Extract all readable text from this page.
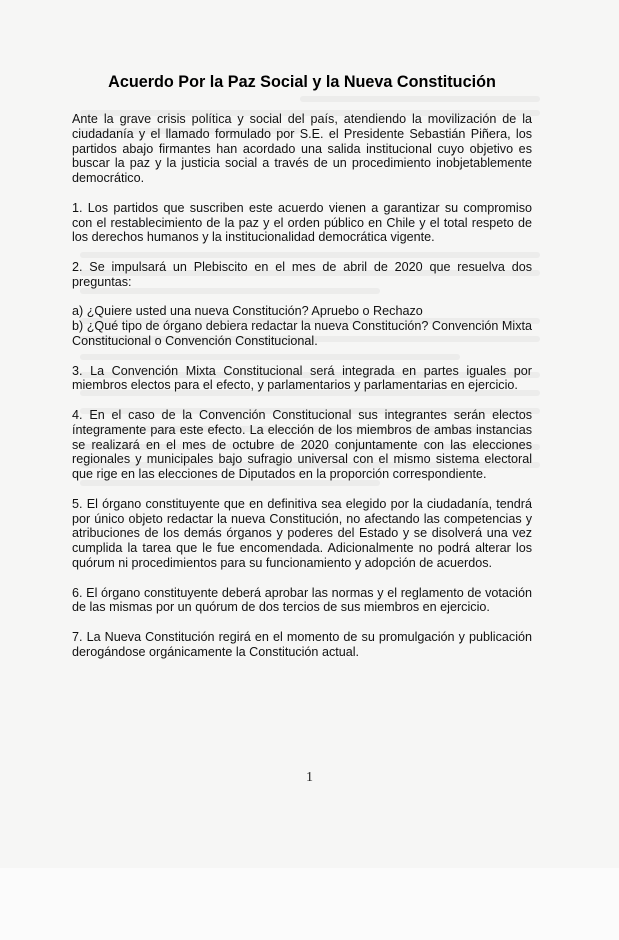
Acuerdo Por la Paz Social y la Nueva Constitución

Ante la grave crisis política y social del país, atendiendo la movilización de la ciudadanía y el llamado formulado por S.E. el Presidente Sebastián Piñera, los partidos abajo firmantes han acordado una salida institucional cuyo objetivo es buscar la paz y la justicia social a través de un procedimiento inobjetablemente democrático.

1. Los partidos que suscriben este acuerdo vienen a garantizar su compromiso con el restablecimiento de la paz y el orden público en Chile y el total respeto de los derechos humanos y la institucionalidad democrática vigente.

2. Se impulsará un Plebiscito en el mes de abril de 2020 que resuelva dos preguntas:

a) ¿Quiere usted una nueva Constitución? Apruebo o Rechazo

b) ¿Qué tipo de órgano debiera redactar la nueva Constitución? Convención Mixta Constitucional o Convención Constitucional.

3. La Convención Mixta Constitucional será integrada en partes iguales por miembros electos para el efecto, y parlamentarios y parlamentarias en ejercicio.

4. En el caso de la Convención Constitucional sus integrantes serán electos íntegramente para este efecto. La elección de los miembros de ambas instancias se realizará en el mes de octubre de 2020 conjuntamente con las elecciones regionales y municipales bajo sufragio universal con el mismo sistema electoral que rige en las elecciones de Diputados en la proporción correspondiente.

5. El órgano constituyente que en definitiva sea elegido por la ciudadanía, tendrá por único objeto redactar la nueva Constitución, no afectando las competencias y atribuciones de los demás órganos y poderes del Estado y se disolverá una vez cumplida la tarea que le fue encomendada. Adicionalmente no podrá alterar los quórum ni procedimientos para su funcionamiento y adopción de acuerdos.

6. El órgano constituyente deberá aprobar las normas y el reglamento de votación de las mismas por un quórum de dos tercios de sus miembros en ejercicio.

7. La Nueva Constitución regirá en el momento de su promulgación y publicación derogándose orgánicamente la Constitución actual.

1
